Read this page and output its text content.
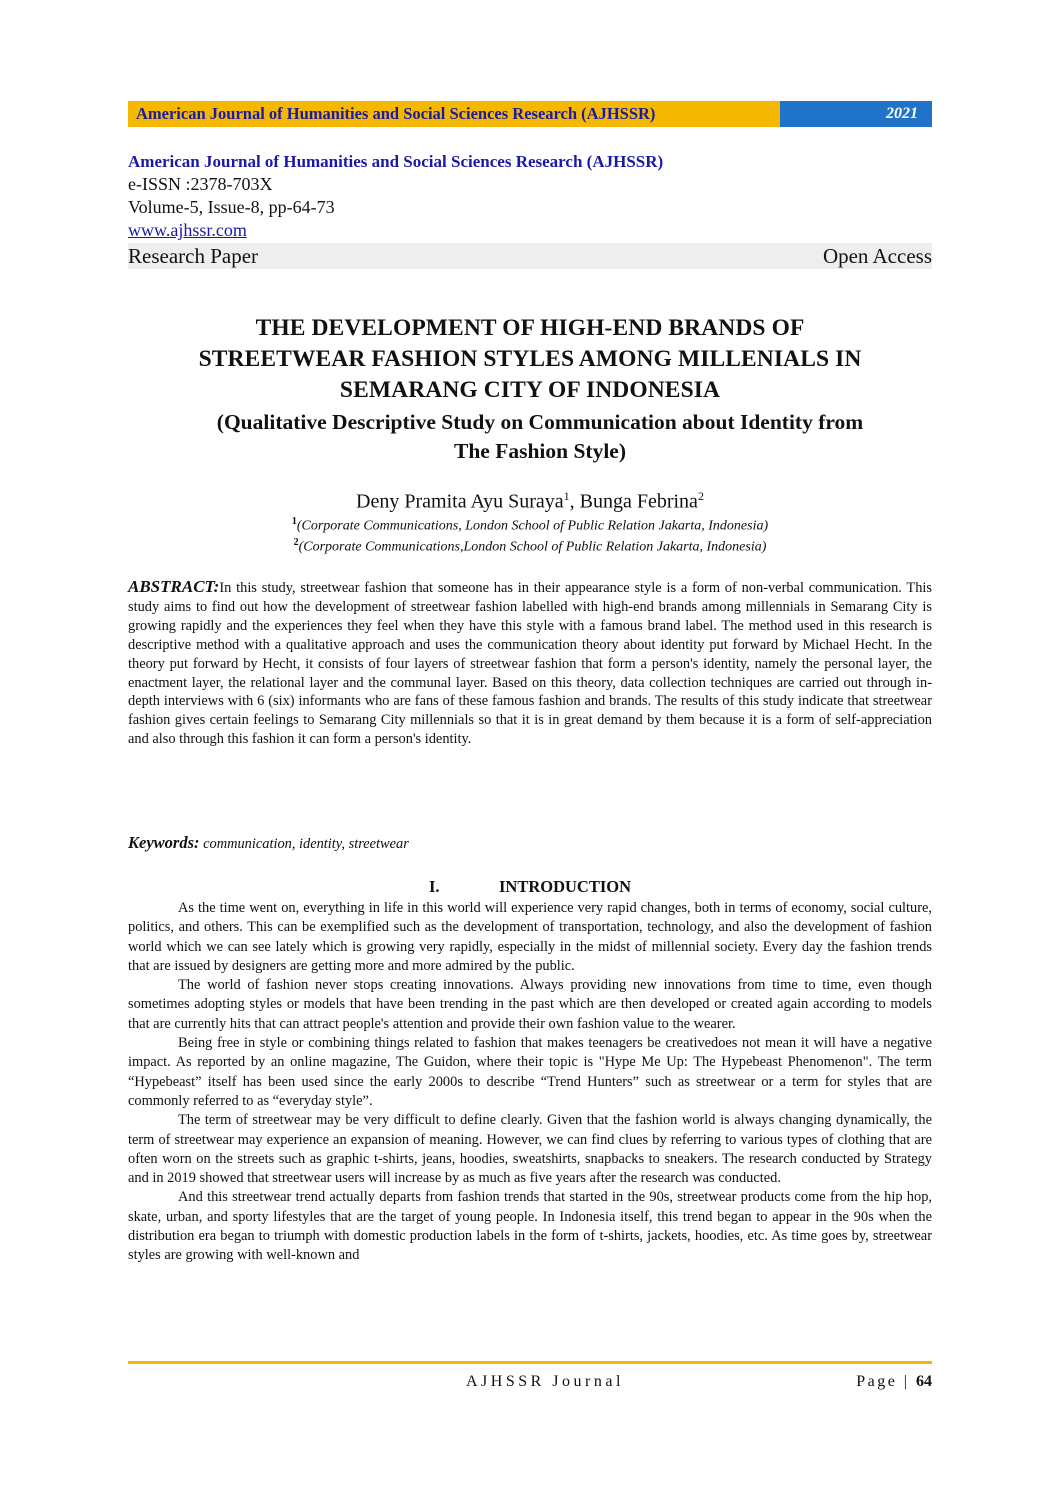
American Journal of Humanities and Social Sciences Research (AJHSSR)	2021
American Journal of Humanities and Social Sciences Research (AJHSSR)
e-ISSN :2378-703X
Volume-5, Issue-8, pp-64-73
www.ajhssr.com
Research Paper	Open Access
THE DEVELOPMENT OF HIGH-END BRANDS OF
STREETWEAR FASHION STYLES AMONG MILLENIALS IN
SEMARANG CITY OF INDONESIA
(Qualitative Descriptive Study on Communication about Identity from
The Fashion Style)
Deny Pramita Ayu Suraya$^1$, Bunga Febrina$^2$
$^1$(Corporate Communications, London School of Public Relation Jakarta, Indonesia)
$^2$(Corporate Communications,London School of Public Relation Jakarta, Indonesia)
ABSTRACT:In this study, streetwear fashion that someone has in their appearance style is a form of non-verbal communication. This study aims to find out how the development of streetwear fashion labelled with high-end brands among millennials in Semarang City is growing rapidly and the experiences they feel when they have this style with a famous brand label. The method used in this research is descriptive method with a qualitative approach and uses the communication theory about identity put forward by Michael Hecht. In the theory put forward by Hecht, it consists of four layers of streetwear fashion that form a person's identity, namely the personal layer, the enactment layer, the relational layer and the communal layer. Based on this theory, data collection techniques are carried out through in-depth interviews with 6 (six) informants who are fans of these famous fashion and brands. The results of this study indicate that streetwear fashion gives certain feelings to Semarang City millennials so that it is in great demand by them because it is a form of self-appreciation and also through this fashion it can form a person's identity.
Keywords: communication, identity, streetwear
I.	INTRODUCTION

As the time went on, everything in life in this world will experience very rapid changes, both in terms of economy, social culture, politics, and others. This can be exemplified such as the development of transportation, technology, and also the development of fashion world which we can see lately which is growing very rapidly, especially in the midst of millennial society. Every day the fashion trends that are issued by designers are getting more and more admired by the public.

The world of fashion never stops creating innovations. Always providing new innovations from time to time, even though sometimes adopting styles or models that have been trending in the past which are then developed or created again according to models that are currently hits that can attract people's attention and provide their own fashion value to the wearer.

Being free in style or combining things related to fashion that makes teenagers be creativedoes not mean it will have a negative impact. As reported by an online magazine, The Guidon, where their topic is "Hype Me Up: The Hypebeast Phenomenon". The term “Hypebeast” itself has been used since the early 2000s to describe “Trend Hunters” such as streetwear or a term for styles that are commonly referred to as “everyday style”.

The term of streetwear may be very difficult to define clearly. Given that the fashion world is always changing dynamically, the term of streetwear may experience an expansion of meaning. However, we can find clues by referring to various types of clothing that are often worn on the streets such as graphic t-shirts, jeans, hoodies, sweatshirts, snapbacks to sneakers. The research conducted by Strategy and in 2019 showed that streetwear users will increase by as much as five years after the research was conducted.

And this streetwear trend actually departs from fashion trends that started in the 90s, streetwear products come from the hip hop, skate, urban, and sporty lifestyles that are the target of young people. In Indonesia itself, this trend began to appear in the 90s when the distribution era began to triumph with domestic production labels in the form of t-shirts, jackets, hoodies, etc. As time goes by, streetwear styles are growing with well-known and

AJHSSR Journal	Page | 64
